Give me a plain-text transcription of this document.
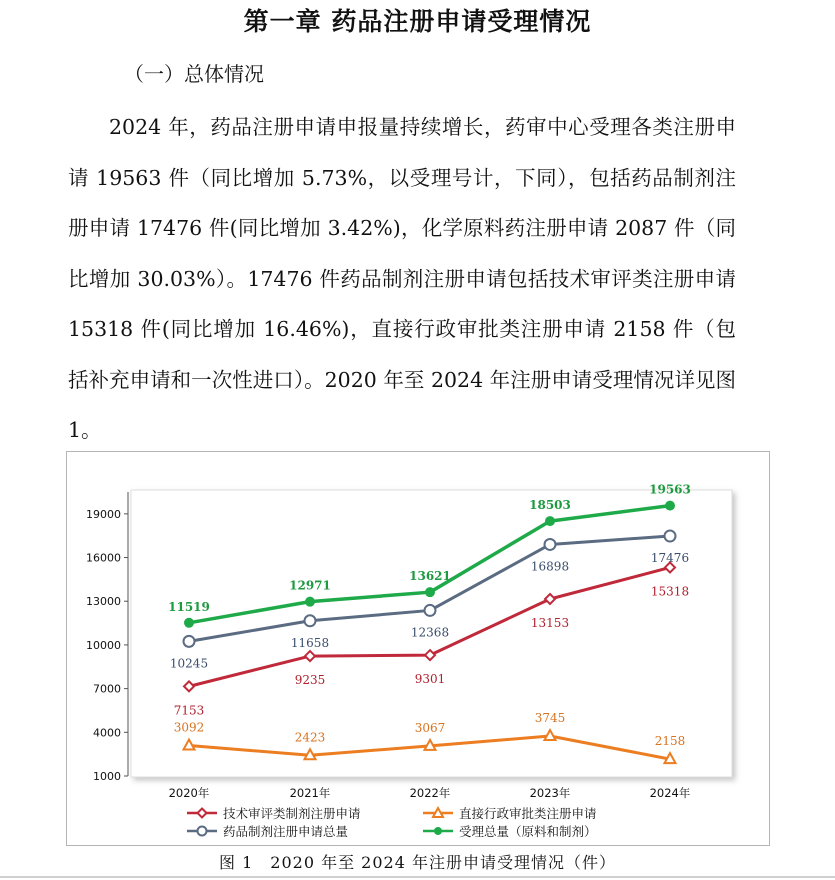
第一章 药品注册申请受理情况
（一）总体情况

2024 年，药品注册申请申报量持续增长，药审中心受理各类注册申请 19563 件（同比增加 5.73%，以受理号计，下同），包括药品制剂注册申请 17476 件(同比增加 3.42%)，化学原料药注册申请 2087 件（同比增加 30.03%）。17476 件药品制剂注册申请包括技术审评类注册申请 15318 件(同比增加 16.46%)，直接行政审批类注册申请 2158 件（包括补充申请和一次性进口）。2020 年至 2024 年注册申请受理情况详见图 1。

1000
4000
7000
10000
13000
16000
19000
2020年	2021年	2022年	2023年	2024年
3092
2423
3067
3745
2158
7153
9235	9301
13153
15318
10245
11658
12368
16898
17476
11519
12971
13621
18503
19563
技术审评类制剂注册申请	直接行政审批类注册申请
药品制剂注册申请总量	受理总量（原料和制剂）
图 1　2020 年至 2024 年注册申请受理情况（件）
